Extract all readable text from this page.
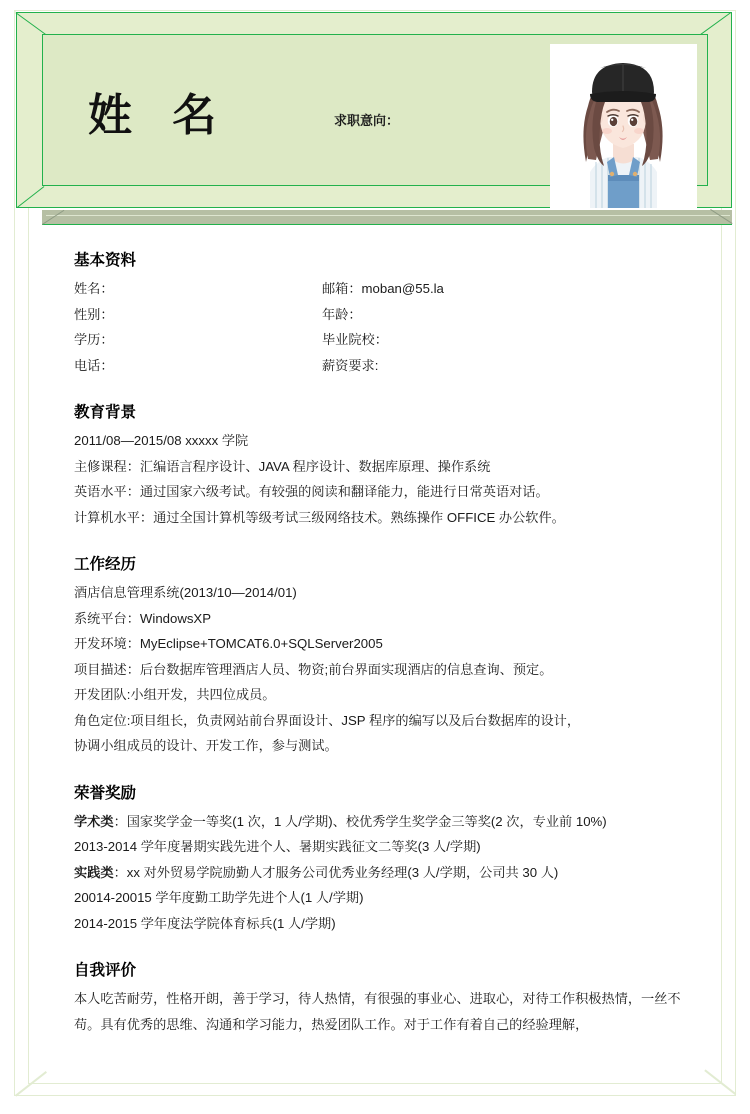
姓 名	求职意向：
基本资料
姓名：	邮箱：moban@55.la
性别：	年龄：
学历：	毕业院校：
电话：	薪资要求:
教育背景
2011/08—2015/08 xxxxx 学院
主修课程：汇编语言程序设计、JAVA 程序设计、数据库原理、操作系统
英语水平：通过国家六级考试。有较强的阅读和翻译能力，能进行日常英语对话。
计算机水平：通过全国计算机等级考试三级网络技术。熟练操作 OFFICE 办公软件。
工作经历
酒店信息管理系统(2013/10—2014/01)
系统平台：WindowsXP
开发环境：MyEclipse+TOMCAT6.0+SQLServer2005
项目描述：后台数据库管理酒店人员、物资;前台界面实现酒店的信息查询、预定。
开发团队:小组开发，共四位成员。
角色定位:项目组长，负责网站前台界面设计、JSP 程序的编写以及后台数据库的设计，
协调小组成员的设计、开发工作，参与测试。
荣誉奖励
学术类：国家奖学金一等奖(1 次，1 人/学期)、校优秀学生奖学金三等奖(2 次，专业前 10%)
2013-2014 学年度暑期实践先进个人、暑期实践征文二等奖(3 人/学期)
实践类：xx 对外贸易学院励勤人才服务公司优秀业务经理(3 人/学期，公司共 30 人)
20014-20015 学年度勤工助学先进个人(1 人/学期)
2014-2015 学年度法学院体育标兵(1 人/学期)
自我评价
本人吃苦耐劳，性格开朗，善于学习，待人热情，有很强的事业心、进取心，对待工作积极热情，一丝不
苟。具有优秀的思维、沟通和学习能力，热爱团队工作。对于工作有着自己的经验理解，
